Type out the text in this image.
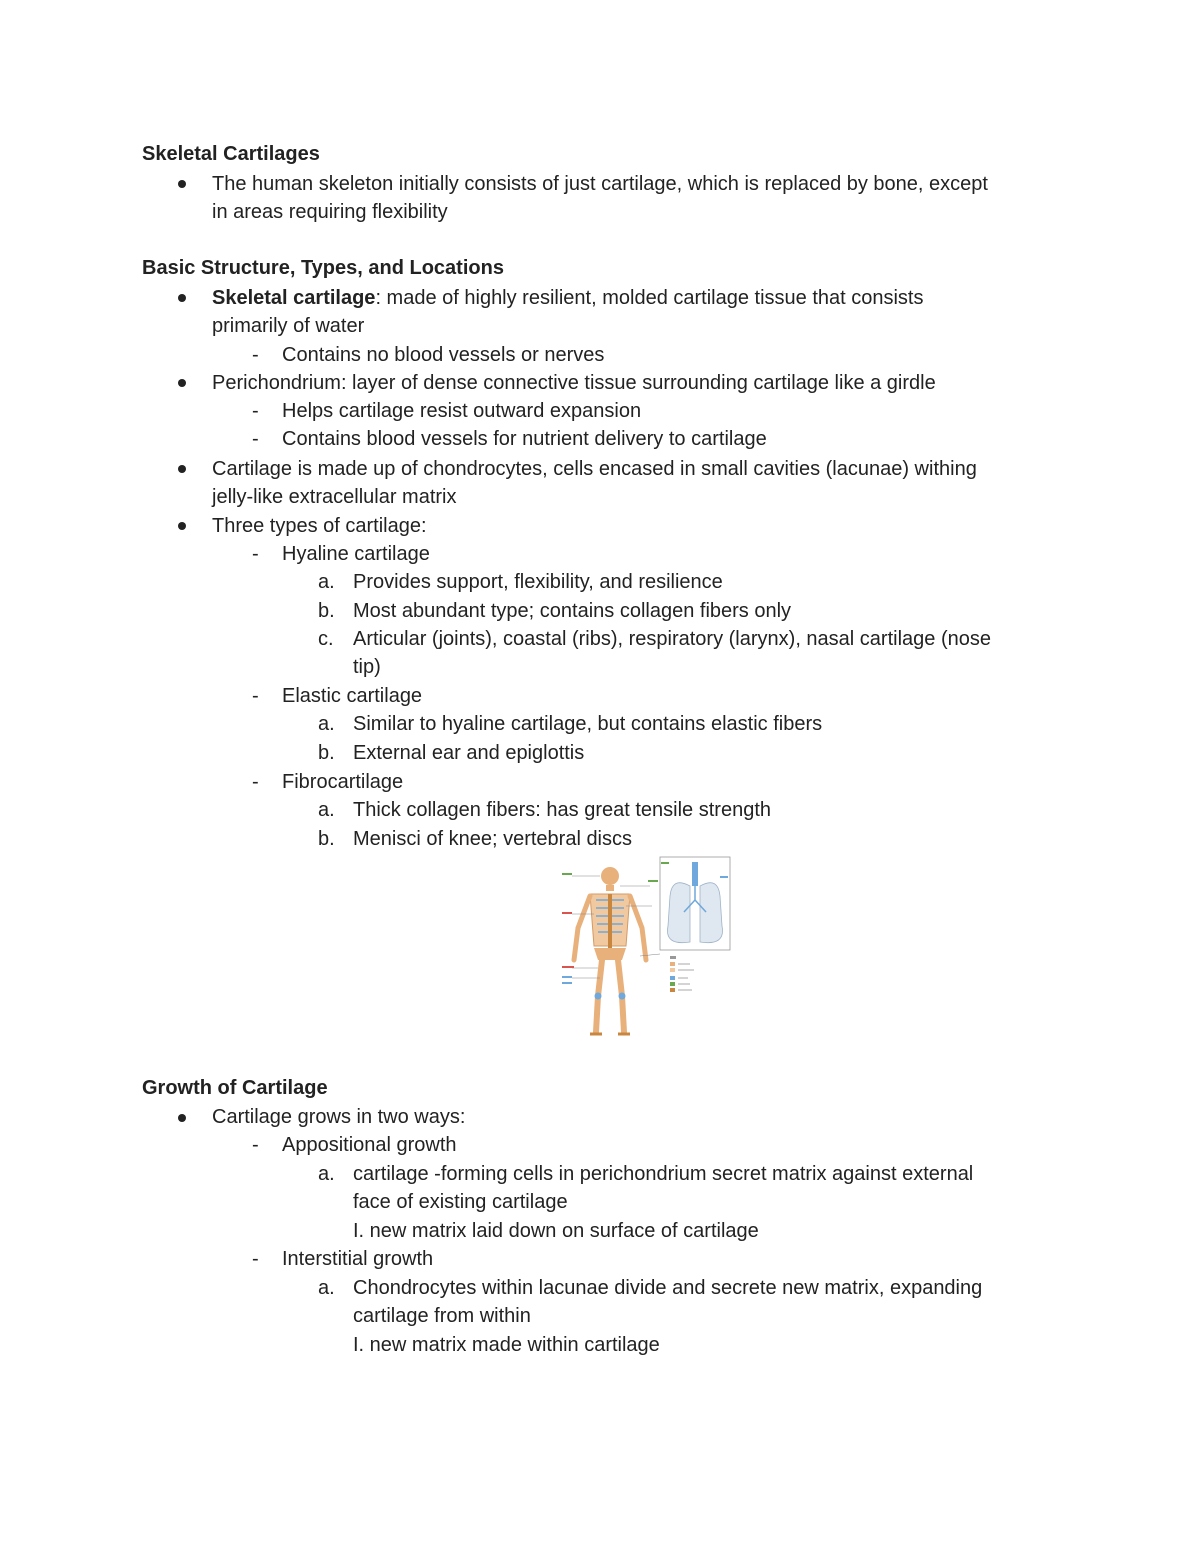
Skeletal Cartilages
The human skeleton initially consists of just cartilage, which is replaced by bone, except
in areas requiring flexibility
Basic Structure, Types, and Locations
Skeletal cartilage: made of highly resilient, molded cartilage tissue that consists
primarily of water
- Contains no blood vessels or nerves
Perichondrium: layer of dense connective tissue surrounding cartilage like a girdle
- Helps cartilage resist outward expansion
- Contains blood vessels for nutrient delivery to cartilage
Cartilage is made up of chondrocytes, cells encased in small cavities (lacunae) withing
jelly-like extracellular matrix
Three types of cartilage:
- Hyaline cartilage
a. Provides support, flexibility, and resilience
b. Most abundant type; contains collagen fibers only
c. Articular (joints), coastal (ribs), respiratory (larynx), nasal cartilage (nose
tip)
- Elastic cartilage
a. Similar to hyaline cartilage, but contains elastic fibers
b. External ear and epiglottis
- Fibrocartilage
a. Thick collagen fibers: has great tensile strength
b. Menisci of knee; vertebral discs
Growth of Cartilage
Cartilage grows in two ways:
- Appositional growth
a. cartilage -forming cells in perichondrium secret matrix against external
face of existing cartilage
I. new matrix laid down on surface of cartilage
- Interstitial growth
a. Chondrocytes within lacunae divide and secrete new matrix, expanding
cartilage from within
I. new matrix made within cartilage
